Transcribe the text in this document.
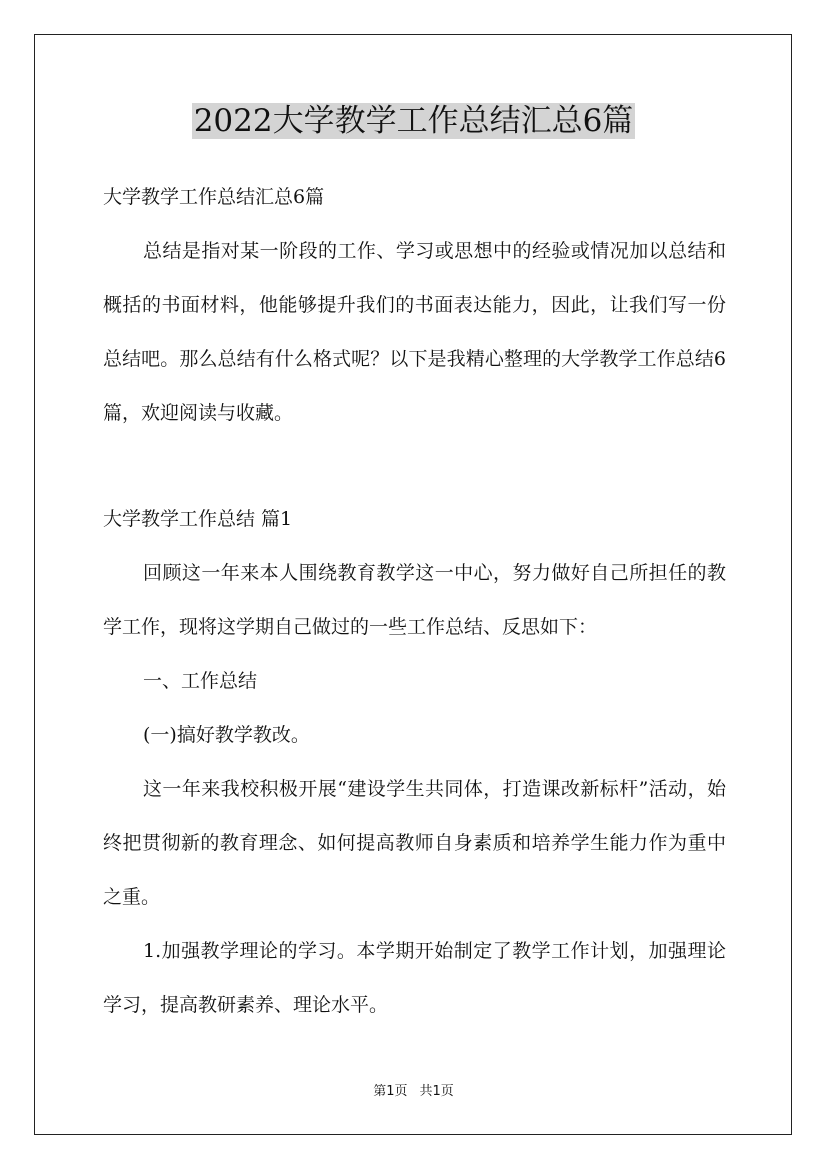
2022大学教学工作总结汇总6篇

大学教学工作总结汇总6篇

总结是指对某一阶段的工作、学习或思想中的经验或情况加以总结和概括的书面材料，他能够提升我们的书面表达能力，因此，让我们写一份总结吧。那么总结有什么格式呢？以下是我精心整理的大学教学工作总结6篇，欢迎阅读与收藏。

大学教学工作总结 篇1

回顾这一年来本人围绕教育教学这一中心，努力做好自己所担任的教学工作，现将这学期自己做过的一些工作总结、反思如下：

一、工作总结

(一)搞好教学教改。

这一年来我校积极开展“建设学生共同体，打造课改新标杆”活动，始终把贯彻新的教育理念、如何提高教师自身素质和培养学生能力作为重中之重。

1.加强教学理论的学习。本学期开始制定了教学工作计划，加强理论学习，提高教研素养、理论水平。

第1页 共1页
